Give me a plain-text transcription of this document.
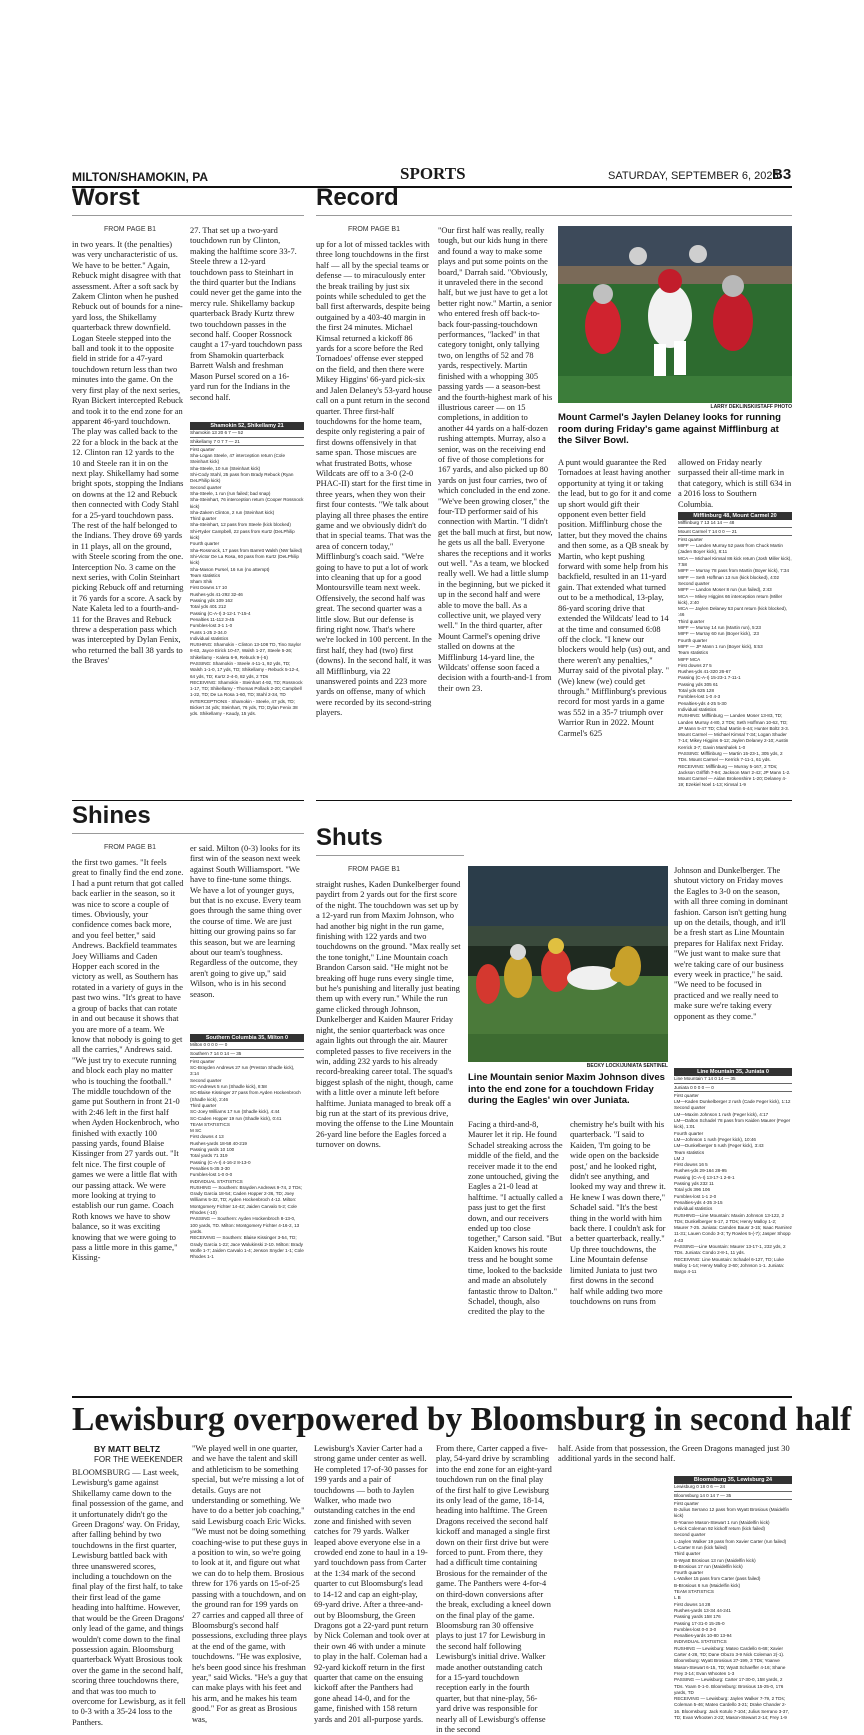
MILTON/SHAMOKIN, PA	SPORTS	SATURDAY, SEPTEMBER 6, 2025
B3
Worst
FROM PAGE B1

in two years. It (the penalties) was very uncharacteristic of us. We have to be better." Again, Rebuck might disagree with that assessment. After a soft sack by Zakem Clinton when he pushed Rebuck out of bounds for a nine-yard loss, the Shikellamy quarterback threw downfield. Logan Steele stepped into the ball and took it to the opposite field in stride for a 47-yard touchdown return less than two minutes into the game. On the very first play of the next series, Ryan Bickert intercepted Rebuck and took it to the end zone for an apparent 46-yard touchdown. The play was called back to the 22 for a block in the back at the 12. Clinton ran 12 yards to the 10 and Steele ran it in on the next play. Shikellamy had some bright spots, stopping the Indians on downs at the 12 and Rebuck then connected with Cody Stahl for a 25-yard touchdown pass. The rest of the half belonged to the Indians. They drove 69 yards in 11 plays, all on the ground, with Steele scoring from the one. Interception No. 3 came on the next series, with Colin Steinhart picking Rebuck off and returning it 76 yards for a score. A sack by Nate Kaleta led to a fourth-and-11 for the Braves and Rebuck threw a desperation pass which was intercepted by Dylan Fenix, who returned the ball 38 yards to the Braves'

27. That set up a two-yard touchdown run by Clinton, making the halftime score 33-7. Steele threw a 12-yard touchdown pass to Steinhart in the third quarter but the Indians could never get the game into the mercy rule. Shikellamy backup quarterback Brady Kurtz threw two touchdown passes in the second half. Cooper Rossnock caught a 17-yard touchdown pass from Shamokin quarterback Barrett Walsh and freshman Mason Pursel scored on a 16-yard run for the Indians in the second half.

Shamokin 52, Shikellamy 21
Shamokin 13 20 6 7 — 52
Shikellamy 7 0 7 7 — 21
First quarter
Sha-Logan Steele, 47 interception return (Cole Steinhart kick)
Sha-Steele, 10 run (Steinhart kick)
Shi-Cody Stahl, 25 pass from Brady Rebuck (Ryan DeLPhilip kick)
Second quarter
Sha-Steele, 1 run (run failed; bad snap)
Sha-Steinhart, 76 interception return (Cooper Rossnock kick)
Sha-Zakem Clinton, 2 run (Steinhart kick)
Third quarter
Sha-Steinhart, 12 pass from Steele (kick blocked)
Shi-Ryder Campbell, 22 pass from Kurtz (DeLPhilip kick)
Fourth quarter
Sha-Rossnock, 17 pass from Barrett Walsh (NW failed)
Shi-Victor De La Rosa, 60 pass from Kurtz (DeLPhilip kick)
Sha-Mason Pursel, 16 run (no attempt)
Team statistics
Sham Shik
First Downs 17 10
Rushes-yds 41-292 32-46
Passing yds 109 162
Total yds 401 212
Passing (C-A-I) 3-12-1 7-15-4
Penalties 11-112 3-45
Fumbles-lost 3-1 1-0
Punts 1-25 2-34.0
Individual statistics
RUSHING: Shamokin - Clinton 13-108 TD, Tino Saylor 8-63, Jayce Eirick 10-47, Walsh 1-27, Steele 5-26; Shikellamy - Kaleta 6-9, Rebuck 9-(-5)
PASSING: Shamokin - Steele 4-11-1, 92 yds, TD; Walsh 1-1-0, 17 yds, TD; Shikellamy - Rebuck 5-12-4, 64 yds, TD; Kurtz 2-4-0, 82 yds, 2 TDs
RECEIVING: Shamokin - Steinhart 4-92, TD; Rossnock 1-17, TD; Shikellamy - Thomas Pollack 2-20; Campbell 1-22, TD; De La Rosa 1-60, TD; Stahl 2-34, TD
INTERCEPTIONS - Shamokin - Steele, 47 yds, TD; Bickert 34 yds; Steinhart, 76 yds, TD; Dylan Fenix 38 yds. Shikellamy - Kaudy, 15 yds.
Record
FROM PAGE B1

up for a lot of missed tackles with three long touchdowns in the first half — all by the special teams or defense — to miraculously enter the break trailing by just six points while scheduled to get the ball first afterwards, despite being outgained by a 403-40 margin in the first 24 minutes. Michael Kimsal returned a kickoff 86 yards for a score before the Red Tornadoes' offense ever stepped on the field, and then there were Mikey Higgins' 66-yard pick-six and Jalen Delaney's 53-yard house call on a punt return in the second quarter. Three first-half touchdowns for the home team, despite only registering a pair of first downs offensively in that same span. Those miscues are what frustrated Botts, whose Wildcats are off to a 3-0 (2-0 PHAC-II) start for the first time in three years, when they won their first four contests. "We talk about playing all three phases the entire game and we obviously didn't do that in special teams. That was the area of concern today," Mifflinburg's coach said. "We're going to have to put a lot of work into cleaning that up for a good Montoursville team next week. Offensively, the second half was great. The second quarter was a little slow. But our defense is firing right now. That's where we're locked in 100 percent. In the first half, they had (two) first (downs). In the second half, it was all Mifflinburg, via 22 unanswered points and 223 more yards on offense, many of which were recorded by its second-string players.

"Our first half was really, really tough, but our kids hung in there and found a way to make some plays and put some points on the board," Darrah said. "Obviously, it unraveled there in the second half, but we just have to get a lot better right now." Martin, a senior who entered fresh off back-to-back four-passing-touchdown performances, "lacked" in that category tonight, only tallying two, on lengths of 52 and 78 yards, respectively. Martin finished with a whopping 305 passing yards — a season-best and the fourth-highest mark of his illustrious career — on 15 completions, in addition to another 44 yards on a half-dozen rushing attempts. Murray, also a senior, was on the receiving end of five of those completions for 167 yards, and also picked up 80 yards on just four carries, two of which concluded in the end zone. "We've been growing closer," the four-TD performer said of his connection with Martin. "I didn't get the ball much at first, but now, he gets us all the ball. Everyone shares the receptions and it works out well. "As a team, we blocked really well. We had a little slump in the beginning, but we picked it up in the second half and were able to move the ball. As a collective unit, we played very well." In the third quarter, after Mount Carmel's opening drive stalled on downs at the Mifflinburg 14-yard line, the Wildcats' offense soon faced a decision with a fourth-and-1 from their own 23.

LARRY DEKLINSKI/STAFF PHOTO
Mount Carmel's Jaylen Delaney looks for running room during Friday's game against Mifflinburg at the Silver Bowl.

A punt would guarantee the Red Tornadoes at least having another opportunity at tying it or taking the lead, but to go for it and come up short would gift their opponent even better field position. Mifflinburg chose the latter, but they moved the chains and then some, as a QB sneak by Martin, who kept pushing forward with some help from his backfield, resulted in an 11-yard gain. That extended what turned out to be a methodical, 13-play, 86-yard scoring drive that extended the Wildcats' lead to 14 at the time and consumed 6:08 off the clock. "I knew our blockers would help (us) out, and there weren't any penalties," Murray said of the pivotal play. "(We) knew (we) could get through." Mifflinburg's previous record for most yards in a game was 552 in a 35-7 triumph over Warrior Run in 2022. Mount Carmel's 625

allowed on Friday nearly surpassed their all-time mark in that category, which is still 634 in a 2016 loss to Southern Columbia.

Mifflinburg 48, Mount Carmel 20
Mifflinburg 7 13 14 14 — 48
Mount Carmel 7 14 0 0 — 21
First quarter
MIFF — Landen Murray 52 pass from Chuck Martin (Jaden Boyer kick), 8:11
MCA — Michael Kimsal 86 kick return (Josh Miller kick), 7:58
MIFF — Murray 78 pass from Martin (Boyer kick), 7:34
MIFF — Seth Hoffman 13 run (kick blocked), 4:02
Second quarter
MIFF — Landon Moser 8 run (run failed), 2:43
MCA — Mikey Higgins 66 interception return (Miller kick), 2:40
MCA — Jaylen Delaney 53 punt return (kick blocked), :46
Third quarter
MIFF — Murray 14 run (Martin run), 5:23
MIFF — Murray 60 run (Boyer kick), :23
Fourth quarter
MIFF — JP Mann 1 run (Boyer kick), 5:53
Team statistics
MIFF MCA
First downs 27 5
Rushes-yds 41-320 26-67
Passing (C-A-I) 15-23-1 7-11-1
Passing yds 305 61
Total yds 625 128
Fumbles-lost 1-0 4-3
Penalties-yds 4-25 5-30
Individual statistics
RUSHING: Mifflinburg — Landen Moser 13-83, TD; Landen Murray 4-80, 2 TDs; Seth Hoffman 10-62, TD; JP Mann 5-47 TD; Chad Martin 6-44; Hunter Boltz 3-3. Mount Carmel — Michael Kimsal 7-34; Logan Shuder 7-14; Mikey Higgins 6-12; Jaylen Delaney 2-10; Austin Kerrick 3-7; Gavin Marshalek 1-0
PASSING: Mifflinburg — Martin 15-23-1, 305 yds, 2 TDs. Mount Carmel — Kerrick 7-11-1, 61 yds.
RECEIVING: Mifflinburg — Murray 5-167, 2 TDs; Jackson Griffith 7-94; Jackson Marr 2-42; JP Mann 1-2. Mount Carmel — Aidan Brokenshire 1-20; Delaney 4-19; Ezekiel Noel 1-13; Kimsal 1-9
Shines
FROM PAGE B1

the first two games. "It feels great to finally find the end zone. I had a punt return that got called back earlier in the season, so it was nice to score a couple of times. Obviously, your confidence comes back more, and you feel better," said Andrews. Backfield teammates Joey Williams and Caden Hopper each scored in the victory as well, as Southern has rotated in a variety of guys in the past two wins. "It's great to have a group of backs that can rotate in and out because it shows that you are more of a team. We know that nobody is going to get all the carries," Andrews said. "We just try to execute running and block each play no matter who is touching the football." The middle touchdown of the game put Southern in front 21-0 with 2:46 left in the first half when Ayden Hockenbroch, who finished with exactly 100 passing yards, found Blaise Kissinger from 27 yards out. "It felt nice. The first couple of games we were a little flat with our passing attack. We were more looking at trying to establish our run game. Coach Roth knows we have to show balance, so it was exciting knowing that we were going to pass a little more in this game," Kissing-

er said. Milton (0-3) looks for its first win of the season next week against South Williamsport. "We have to fine-tune some things. We have a lot of younger guys, but that is no excuse. Every team goes through the same thing over the course of time. We are just hitting our growing pains so far this season, but we are learning about our team's toughness. Regardless of the outcome, they aren't going to give up," said Wilson, who is in his second season.

Southern Columbia 35, Milton 0
Milton 0 0 0 0 — 0
Southern 7 14 0 14 — 35
First quarter
SC-Brayden Andrews 27 run (Preston Shadle kick), 3:14
Second quarter
SC-Andrews 5 run (Shadle kick), 8:58
SC-Blaise Kissinger 27 pass from Ayden Hockenbroch (Shadle kick), 2:46
Third quarter
SC-Joey Williams 17 run (Shadle kick), 4:44
SC-Caden Hopper 19 run (Shadle kick), 0:41
TEAM STATISTICS
M SC
First downs 4 13
Rushes-yards 18-58 40-219
Passing yards 10 100
Total yards 71 319
Passing (C-A-I) 4-16-2 8-13-0
Penalties 5-35 3-30
Fumbles-lost 1-0 0-0
INDIVIDUAL STATISTICS
RUSHING — Southern: Brayden Andrews 9-74, 2 TDs; Grady Garcia 18-54; Caden Hopper 2-36, TD; Joey Williams 5-32, TD; Ayden Hockenbroch 4-12. Milton: Montgomery Fichter 14-42; Jaiden Carvalo 5-2; Cole Rhodes (-10)
PASSING — Southern: Ayden Hockenbroch 8-13-0, 100 yards, TD. Milton: Montgomery Fichter 4-16-2, 13 yards.
RECEIVING — Southern: Blaise Kissinger 3-54, TD; Grady Garcia 1-22; Jace Walukinski 2-10. Milton: Brady Wolfe 1-7; Jaiden Carvalo 1-4; Jenson Snyder 1-1; Cole Rhodes 1-1
Shuts
FROM PAGE B1

straight rushes, Kaden Dunkelberger found paydirt from 2 yards out for the first score of the night. The touchdown was set up by a 12-yard run from Maxim Johnson, who had another big night in the run game, finishing with 122 yards and two touchdowns on the ground. "Max really set the tone tonight," Line Mountain coach Brandon Carson said. "He might not be breaking off huge runs every single time, but he's punishing and literally just beating them up with every run." While the run game clicked through Johnson, Dunkelberger and Kaiden Maurer Friday night, the senior quarterback was once again lights out through the air. Maurer completed passes to five receivers in the win, adding 232 yards to his already record-breaking career total. The squad's biggest splash of the night, though, came with a little over a minute left before halftime. Juniata managed to break off a big run at the start of its previous drive, moving the offense to the Line Mountain 26-yard line before the Eagles forced a turnover on downs.

BECKY LOCK/JUNIATA SENTINEL
Line Mountain senior Maxim Johnson dives into the end zone for a touchdown Friday during the Eagles' win over Juniata.

Facing a third-and-8, Maurer let it rip. He found Schadel streaking across the middle of the field, and the receiver made it to the end zone untouched, giving the Eagles a 21-0 lead at halftime. "I actually called a pass just to get the first down, and our receivers ended up too close together," Carson said. "But Kaiden knows his route tress and he bought some time, looked to the backside and made an absolutely fantastic throw to Dalton." Schadel, though, also credited the play to the

chemistry he's built with his quarterback. "I said to Kaiden, 'I'm going to be wide open on the backside post,' and he looked right, didn't see anything, and looked my way and threw it. He knew I was down there," Schadel said. "It's the best thing in the world with him back there. I couldn't ask for a better quarterback, really." Up three touchdowns, the Line Mountain defense limited Juniata to just two first downs in the second half while adding two more touchdowns on runs from

Johnson and Dunkelberger. The shutout victory on Friday moves the Eagles to 3-0 on the season, with all three coming in dominant fashion. Carson isn't getting hung up on the details, though, and it'll be a fresh start as Line Mountain prepares for Halifax next Friday. "We just want to make sure that we're taking care of our business every week in practice," he said. "We need to be focused in practiced and we really need to make sure we're taking every opponent as they come."

Line Mountain 35, Juniata 0
Line Mountain 7 14 0 14 — 35
Juniata 0 0 0 0 — 0
First quarter
LM—Kaden Dunkelberger 2 rush (Cade Feger kick), 1:12
Second quarter
LM—Maxim Johnson 1 rush (Feger kick), 4:17
LM—Dalton Schadel 78 pass from Kaiden Maurer (Feger kick), 1:01
Fourth quarter
LM—Johnson 1 rush (Feger kick), 10:46
LM—Dunkelberger 5 rush (Feger kick), 3:43
Team statistics
LM J
First downs 16 5
Rushes-yds 29-164 28-95
Passing (C-A-I) 13-17-1 2-8-1
Passing yds 232 11
Total yds 396 106
Fumbles-lost 1-1 2-0
Penalties-yds 4-35 3-15
Individual statistics
RUSHING—Line Mountain: Maxim Johnson 13-122, 2 TDs; Dunkelberger 5-17, 2 TDs; Henry Malloy 1-2; Maurer 7-25. Juniata: Camden Bausr 3-15; Isaac Ramirez 11-31; Lauen Condo 3-3; Ty Rowles 5-(-7); Jasper Shopp 4-43
PASSING—Line Mountain: Maurer 13-17-1, 232 yds, 2 TDs. Juniata: Condo 2-8-1, 11 yds.
RECEIVING: Line Mountain: Schadel 6-127, TD; Luke Malloy 1-14; Henry Malloy 2-60; Johnson 1-1. Juniata: Bargo 4-11
Lewisburg overpowered by Bloomsburg in second half
BY MATT BELTZ
FOR THE WEEKENDER

BLOOMSBURG — Last week, Lewisburg's game against Shikellamy came down to the final possession of the game, and it unfortunately didn't go the Green Dragons' way. On Friday, after falling behind by two touchdowns in the first quarter, Lewisburg battled back with three unanswered scores, including a touchdown on the final play of the first half, to take their first lead of the game heading into halftime. However, that would be the Green Dragons' only lead of the game, and things wouldn't come down to the final possession again. Bloomsburg quarterback Wyatt Brosious took over the game in the second half, scoring three touchdowns there, and that was too much to overcome for Lewisburg, as it fell to 0-3 with a 35-24 loss to the Panthers.

"We played well in one quarter, and we have the talent and skill and athleticism to be something special, but we're missing a lot of details. Guys are not understanding or something. We have to do a better job coaching," said Lewisburg coach Eric Wicks. "We must not be doing something coaching-wise to put these guys in a position to win, so we're going to look at it, and figure out what we can do to help them. Brosious threw for 176 yards on 15-of-25 passing with a touchdown, and on the ground ran for 199 yards on 27 carries and capped all three of Bloomsburg's second half possessions, excluding three plays at the end of the game, with touchdowns. "He was explosive, he's been good since his freshman year," said Wicks. "He's a guy that can make plays with his feet and his arm, and he makes his team good." For as great as Brosious was,

Lewisburg's Xavier Carter had a strong game under center as well. He completed 17-of-30 passes for 199 yards and a pair of touchdowns — both to Jaylen Walker, who made two outstanding catches in the end zone and finished with seven catches for 79 yards. Walker leaped above everyone else in a crowded end zone to haul in a 19-yard touchdown pass from Carter at the 1:34 mark of the second quarter to cut Bloomsburg's lead to 14-12 and cap an eight-play, 69-yard drive. After a three-and-out by Bloomsburg, the Green Dragons got a 22-yard punt return by Nick Coleman and took over at their own 46 with under a minute to play in the half. Coleman had a 92-yard kickoff return in the first quarter that came on the ensuing kickoff after the Panthers had gone ahead 14-0, and for the game, finished with 158 return yards and 201 all-purpose yards.

From there, Carter capped a five-play, 54-yard drive by scrambling into the end zone for an eight-yard touchdown run on the final play of the first half to give Lewisburg its only lead of the game, 18-14, heading into halftime. The Green Dragons received the second half kickoff and managed a single first down on their first drive but were forced to punt. From there, they had a difficult time containing Brosious for the remainder of the game. The Panthers were 4-for-4 on third-down conversions after the break, excluding a kneel down on the final play of the game. Bloomsburg ran 30 offensive plays to just 17 for Lewisburg in the second half following Lewisburg's initial drive. Walker made another outstanding catch for a 15-yard touchdown reception early in the fourth quarter, but that nine-play, 56-yard drive was responsible for nearly all of Lewisburg's offense in the second

half. Aside from that possession, the Green Dragons managed just 30 additional yards in the second half.

Bloomsburg 35, Lewisburg 24
Lewisburg 0 18 0 6 — 24
Bloomsburg 14 0 14 7 — 35
First quarter
B-Julius Serrano 12 pass from Wyatt Brosious (Maidelfin kick)
B-Yoanve Mason-Stewart 1 run (Maidelfin kick)
L-Nick Coleman 92 kickoff return (kick failed)
Second quarter
L-Jaylen Walker 19 pass from Xavier Carter (run failed)
L-Carter 8 run (kick failed)
Third quarter
B-Wyatt Brosious 13 run (Maidelfin kick)
B-Brosious 17 run (Maidelfin kick)
Fourth quarter
L-Walker 15 pass from Carter (pass failed)
B-Brosious 6 run (Maidelfin kick)
TEAM STATISTICS
L B
First downs 14 28
Rushes-yards 13-34 44-241
Passing yards 158 176
Passing 17-31-0 15-25-0
Fumbles-lost 0-0 3-0
Penalties-yards 10-80 13-94
INDIVIDUAL STATISTICS
RUSHING — Lewisburg: Mateo Cardello 6-68; Xavier Carter 4-28, TD; Dane Obuzo 3-9 Nick Coleman 2(-1). Bloomsburg: Wyatt Brosious 27-199, 3 TDs; Yoanve Mason-Stewart 6-15, TD; Wyatt Schaeffer 4-16; Shane Frey 3-14; Evan Whooten 1-3
PASSING — Lewisburg: Carter 17-30-0, 158 yards, 2 TDs. Yoam 0-1-0. Bloomsburg: Brosious 15-25-0, 176 yards, TD
RECEIVING — Lewisburg: Jaylen Walker 7-79, 2 TDs; Coleman 5-46; Mateo Cardello 3-21; Drake Chander 2-16. Bloomsburg: Jack Kotulo 7-104; Julius Serrano 3-37, TD; Evan Whooten 2-22; Mason-Stewart 2-14; Frey 1-9
